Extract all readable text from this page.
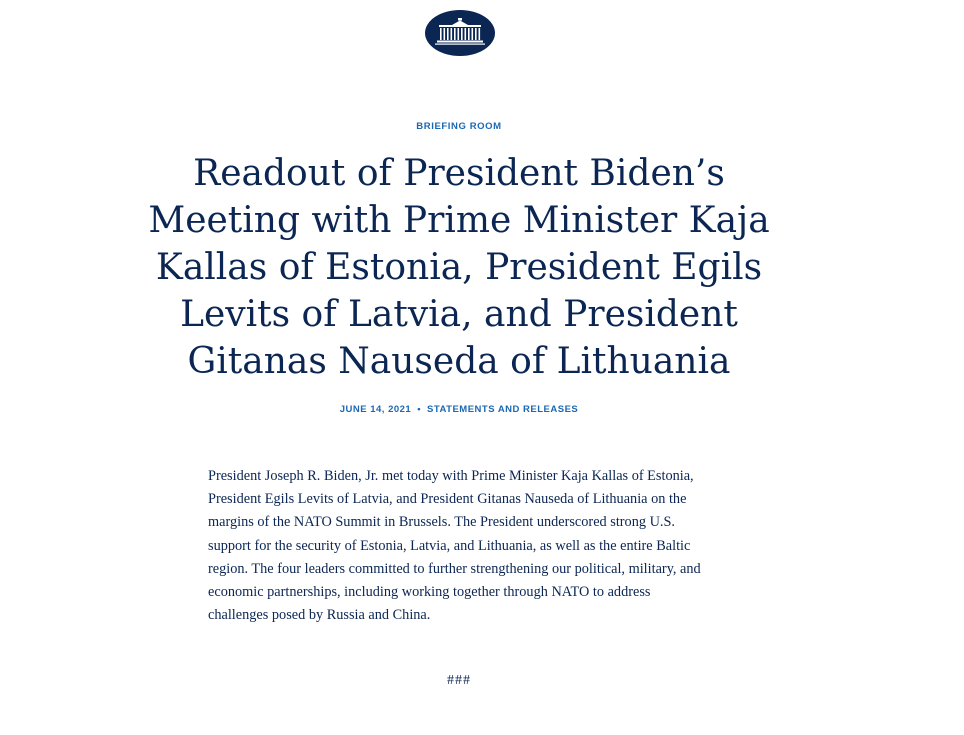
BRIEFING ROOM
Readout of President Biden’s Meeting with Prime Minister Kaja Kallas of Estonia, President Egils Levits of Latvia, and President Gitanas Nauseda of Lithuania
JUNE 14, 2021 • STATEMENTS AND RELEASES

President Joseph R. Biden, Jr. met today with Prime Minister Kaja Kallas of Estonia, President Egils Levits of Latvia, and President Gitanas Nauseda of Lithuania on the margins of the NATO Summit in Brussels. The President underscored strong U.S. support for the security of Estonia, Latvia, and Lithuania, as well as the entire Baltic region. The four leaders committed to further strengthening our political, military, and economic partnerships, including working together through NATO to address challenges posed by Russia and China.

###
